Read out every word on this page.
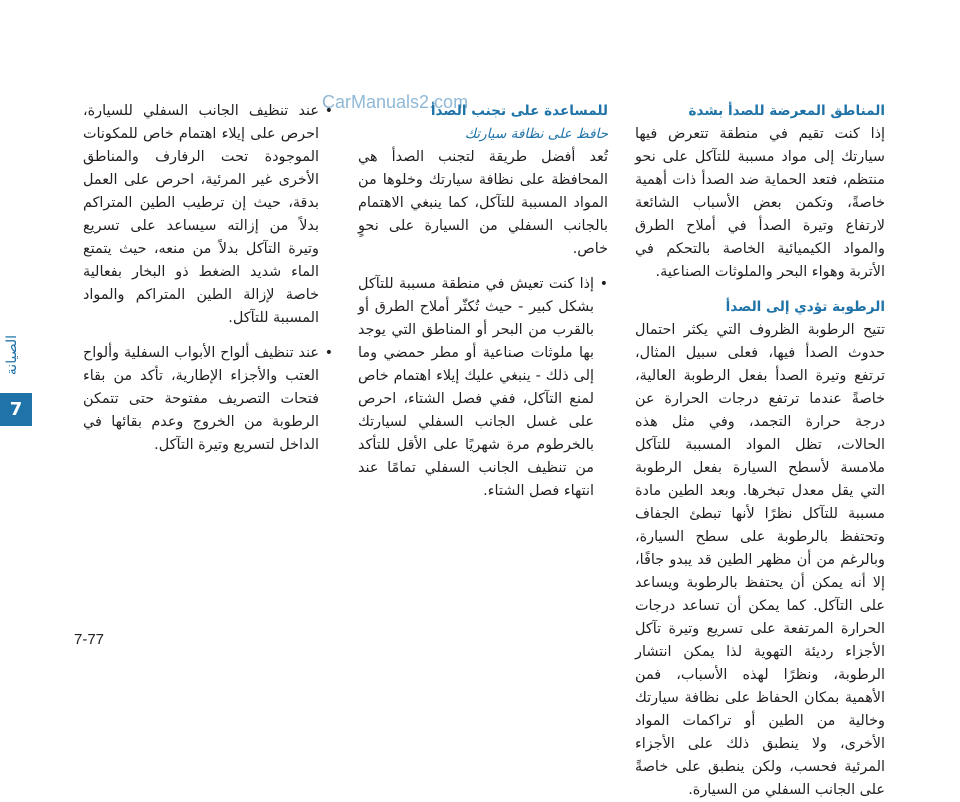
الصيانة
7
CarManuals2.com	المناطق المعرضة للصدأ بشدة

إذا كنت تقيم في منطقة تتعرض فيها سيارتك إلى مواد مسببة للتآكل على نحو منتظم، فتعد الحماية ضد الصدأ ذات أهمية خاصةً، وتكمن بعض الأسباب الشائعة لارتفاع وتيرة الصدأ في أملاح الطرق والمواد الكيميائية الخاصة بالتحكم في الأتربة وهواء البحر والملوثات الصناعية.

الرطوبة تؤدي إلى الصدأ

تتيح الرطوبة الظروف التي يكثر احتمال حدوث الصدأ فيها، فعلى سبيل المثال، ترتفع وتيرة الصدأ بفعل الرطوبة العالية، خاصةً عندما ترتفع درجات الحرارة عن درجة حرارة التجمد، وفي مثل هذه الحالات، تظل المواد المسببة للتآكل ملامسة لأسطح السيارة بفعل الرطوبة التي يقل معدل تبخرها. وبعد الطين مادة مسببة للتآكل نظرًا لأنها تبطئ الجفاف وتحتفظ بالرطوبة على سطح السيارة، وبالرغم من أن مظهر الطين قد يبدو جافًا، إلا أنه يمكن أن يحتفظ بالرطوبة ويساعد على التآكل. كما يمكن أن تساعد درجات الحرارة المرتفعة على تسريع وتيرة تآكل الأجزاء رديئة التهوية لذا يمكن انتشار الرطوبة، ونظرًا لهذه الأسباب، فمن الأهمية بمكان الحفاظ على نظافة سيارتك وخالية من الطين أو تراكمات المواد الأخرى، ولا ينطبق ذلك على الأجزاء المرئية فحسب، ولكن ينطبق على خاصةً على الجانب السفلي من السيارة.

للمساعدة على تجنب الصدأ

حافظ على نظافة سيارتك

تُعد أفضل طريقة لتجنب الصدأ هي المحافظة على نظافة سيارتك وخلوها من المواد المسببة للتآكل، كما ينبغي الاهتمام بالجانب السفلي من السيارة على نحوٍ خاص.

• إذا كنت تعيش في منطقة مسببة للتآكل بشكل كبير - حيث تُكثّر أملاح الطرق أو بالقرب من البحر أو المناطق التي يوجد بها ملوثات صناعية أو مطر حمضي وما إلى ذلك - ينبغي عليك إيلاء اهتمام خاص لمنع التآكل، ففي فصل الشتاء، احرص على غسل الجانب السفلي لسيارتك بالخرطوم مرة شهريًا على الأقل للتأكد من تنظيف الجانب السفلي تمامًا عند انتهاء فصل الشتاء.
• عند تنظيف الجانب السفلي للسيارة، احرص على إيلاء اهتمام خاص للمكونات الموجودة تحت الرفارف والمناطق الأخرى غير المرئية، احرص على العمل بدقة، حيث إن ترطيب الطين المتراكم بدلاً من إزالته سيساعد على تسريع وتيرة التآكل بدلاً من منعه، حيث يتمتع الماء شديد الضغط ذو البخار بفعالية خاصة لإزالة الطين المتراكم والمواد المسببة للتآكل.
• عند تنظيف ألواح الأبواب السفلية وألواح العتب والأجزاء الإطارية، تأكد من بقاء فتحات التصريف مفتوحة حتى تتمكن الرطوبة من الخروج وعدم بقائها في الداخل لتسريع وتيرة التآكل.
7-77
